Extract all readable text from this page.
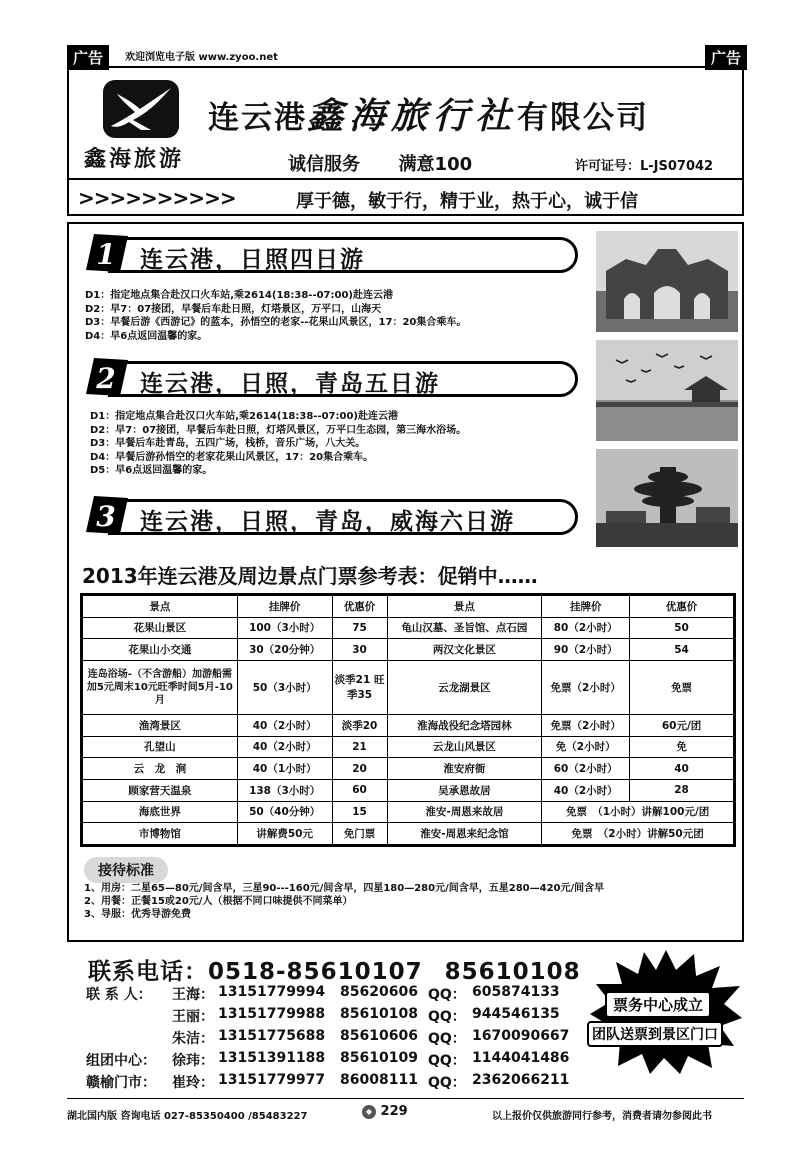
广告	欢迎浏览电子版 www.zyoo.net	广告
鑫海旅游
连云港鑫海旅行社有限公司
诚信服务 满意100	许可证号：L-JS07042
>>>>>>>>>>	厚于德，敏于行，精于业，热于心，诚于信
1 连云港，日照四日游
D1：指定地点集合赴汉口火车站,乘2614(18:38--07:00)赴连云港
D2：早7：07接团，早餐后车赴日照，灯塔景区，万平口，山海天
D3：早餐后游《西游记》的蓝本，孙悟空的老家--花果山风景区，17：20集合乘车。
D4：早6点返回温馨的家。
2 连云港，日照，青岛五日游
D1：指定地点集合赴汉口火车站,乘2614(18:38--07:00)赴连云港
D2：早7：07接团，早餐后车赴日照，灯塔风景区，万平口生态园，第三海水浴场。
D3：早餐后车赴青岛，五四广场，栈桥，音乐广场，八大关。
D4：早餐后游孙悟空的老家花果山风景区，17：20集合乘车。
D5：早6点返回温馨的家。
3 连云港，日照，青岛，威海六日游
2013年连云港及周边景点门票参考表：促销中……
景点	挂牌价	优惠价	景点	挂牌价	优惠价
花果山景区	100（3小时）	75	龟山汉墓、圣旨馆、点石园	80（2小时）	50
花果山小交通	30（20分钟）	30	两汉文化景区	90（2小时）	54
连岛浴场-（不含游船）加游船需加5元周末10元旺季时间5月-10月	50（3小时）	淡季21 旺季35	云龙湖景区	免票（2小时）	免票
渔湾景区	40（2小时）	淡季20	淮海战役纪念塔园林	免票（2小时）	60元/团
孔望山	40（2小时）	21	云龙山风景区	免（2小时）	免
云　龙　涧	40（1小时）	20	淮安府衙	60（2小时）	40
顾家营天温泉	138（3小时）	60	吴承恩故居	40（2小时）	28
海底世界	50（40分钟）	15	淮安-周恩来故居	免票　（1小时）讲解100元/团	
市博物馆	讲解费50元	免门票	淮安-周恩来纪念馆	免票　（2小时）讲解50元团	
接待标准
1、用房：二星65—80元/间含早，三星90---160元/间含早，四星180—280元/间含早，五星280—420元/间含早
2、用餐：正餐15或20元/人（根据不同口味提供不同菜单）
3、导服：优秀导游免费
联系电话：0518-85610107 85610108
联 系 人： 王海： 13151779994 85620606 QQ： 605874133
王丽： 13151779988 85610108 QQ： 944546135
朱洁： 13151775688 85610606 QQ： 1670090667
组团中心： 徐玮： 13151391188 85610109 QQ： 1144041486
赣榆门市： 崔玲： 13151779977 86008111 QQ： 2362066211
票务中心成立
团队送票到景区门口
湖北国内版 咨询电话 027-85350400 /85483227	◆ 229	以上报价仅供旅游同行参考，消费者请勿参阅此书
